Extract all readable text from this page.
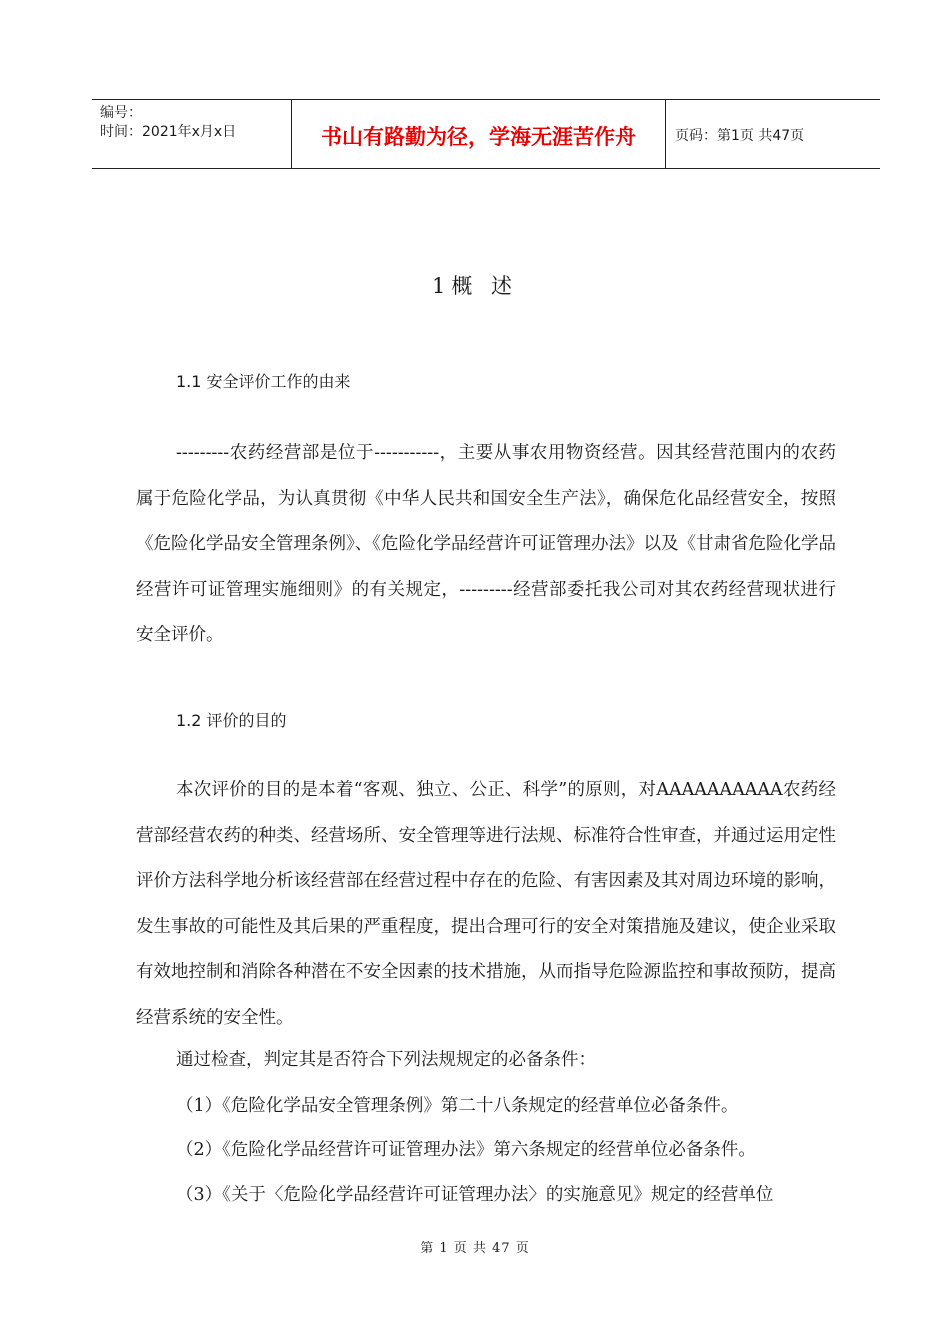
编号：
时间：2021年x月x日	书山有路勤为径，学海无涯苦作舟	页码：第1页 共47页
1概 述
1.1 安全评价工作的由来

---------农药经营部是位于-----------，主要从事农用物资经营。因其经营范围内的农药属于危险化学品，为认真贯彻《中华人民共和国安全生产法》，确保危化品经营安全，按照《危险化学品安全管理条例》、《危险化学品经营许可证管理办法》以及《甘肃省危险化学品经营许可证管理实施细则》的有关规定，---------经营部委托我公司对其农药经营现状进行安全评价。

1.2 评价的目的

本次评价的目的是本着“客观、独立、公正、科学”的原则，对AAAAAAAAAA农药经营部经营农药的种类、经营场所、安全管理等进行法规、标准符合性审查，并通过运用定性评价方法科学地分析该经营部在经营过程中存在的危险、有害因素及其对周边环境的影响，发生事故的可能性及其后果的严重程度，提出合理可行的安全对策措施及建议，使企业采取有效地控制和消除各种潜在不安全因素的技术措施，从而指导危险源监控和事故预防，提高经营系统的安全性。

通过检查，判定其是否符合下列法规规定的必备条件：

（1）《危险化学品安全管理条例》第二十八条规定的经营单位必备条件。

（2）《危险化学品经营许可证管理办法》第六条规定的经营单位必备条件。

（3）《关于〈危险化学品经营许可证管理办法〉的实施意见》规定的经营单位

第 1 页 共 47 页
